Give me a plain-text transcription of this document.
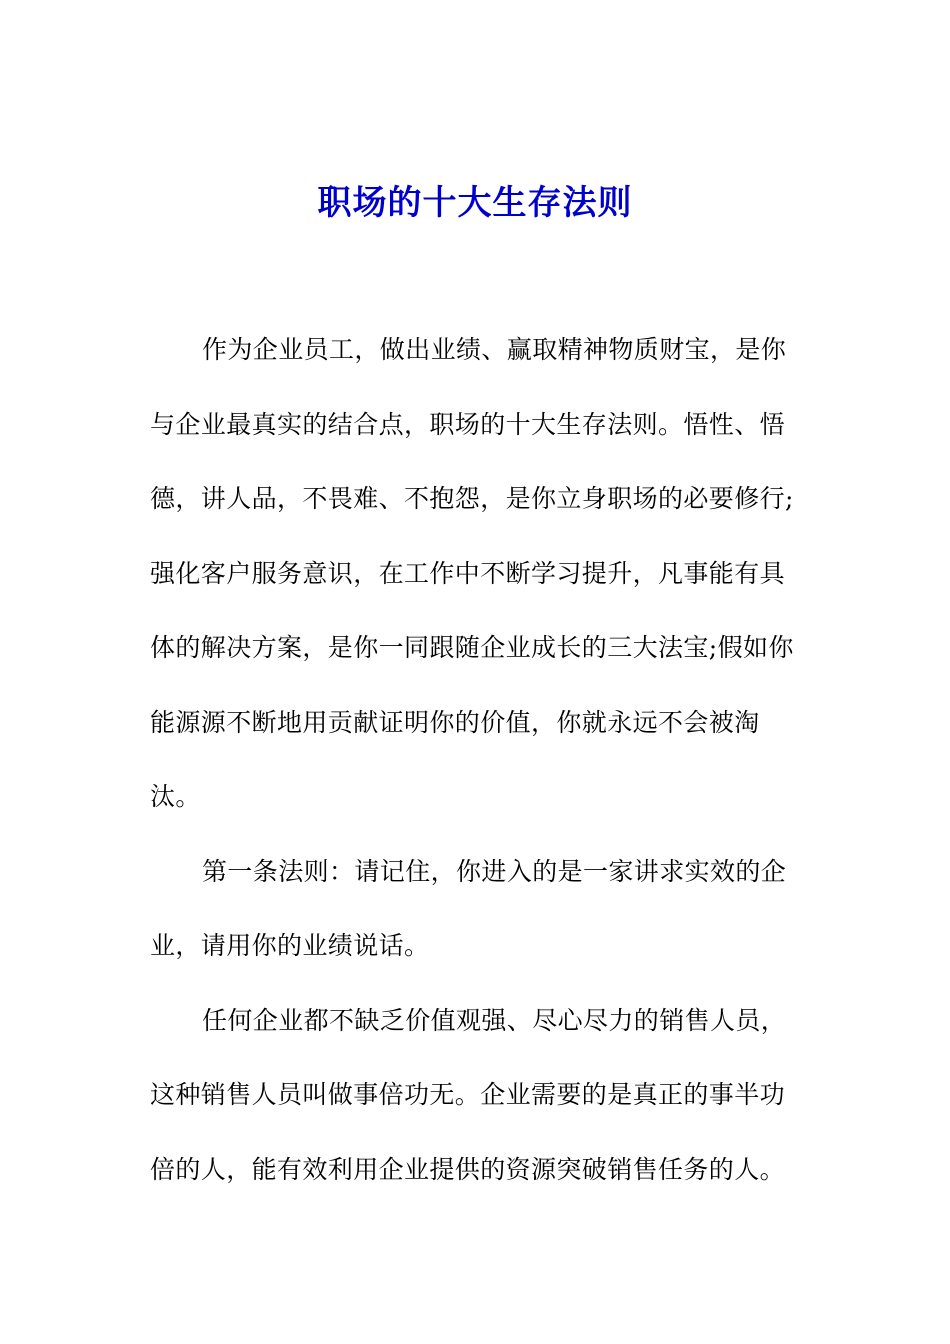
职场的十大生存法则
作为企业员工，做出业绩、赢取精神物质财宝，是你
与企业最真实的结合点，职场的十大生存法则。悟性、悟
德，讲人品，不畏难、不抱怨，是你立身职场的必要修行;
强化客户服务意识，在工作中不断学习提升，凡事能有具
体的解决方案，是你一同跟随企业成长的三大法宝;假如你
能源源不断地用贡献证明你的价值，你就永远不会被淘
汰。
第一条法则：请记住，你进入的是一家讲求实效的企
业，请用你的业绩说话。
任何企业都不缺乏价值观强、尽心尽力的销售人员，
这种销售人员叫做事倍功无。企业需要的是真正的事半功
倍的人，能有效利用企业提供的资源突破销售任务的人。
